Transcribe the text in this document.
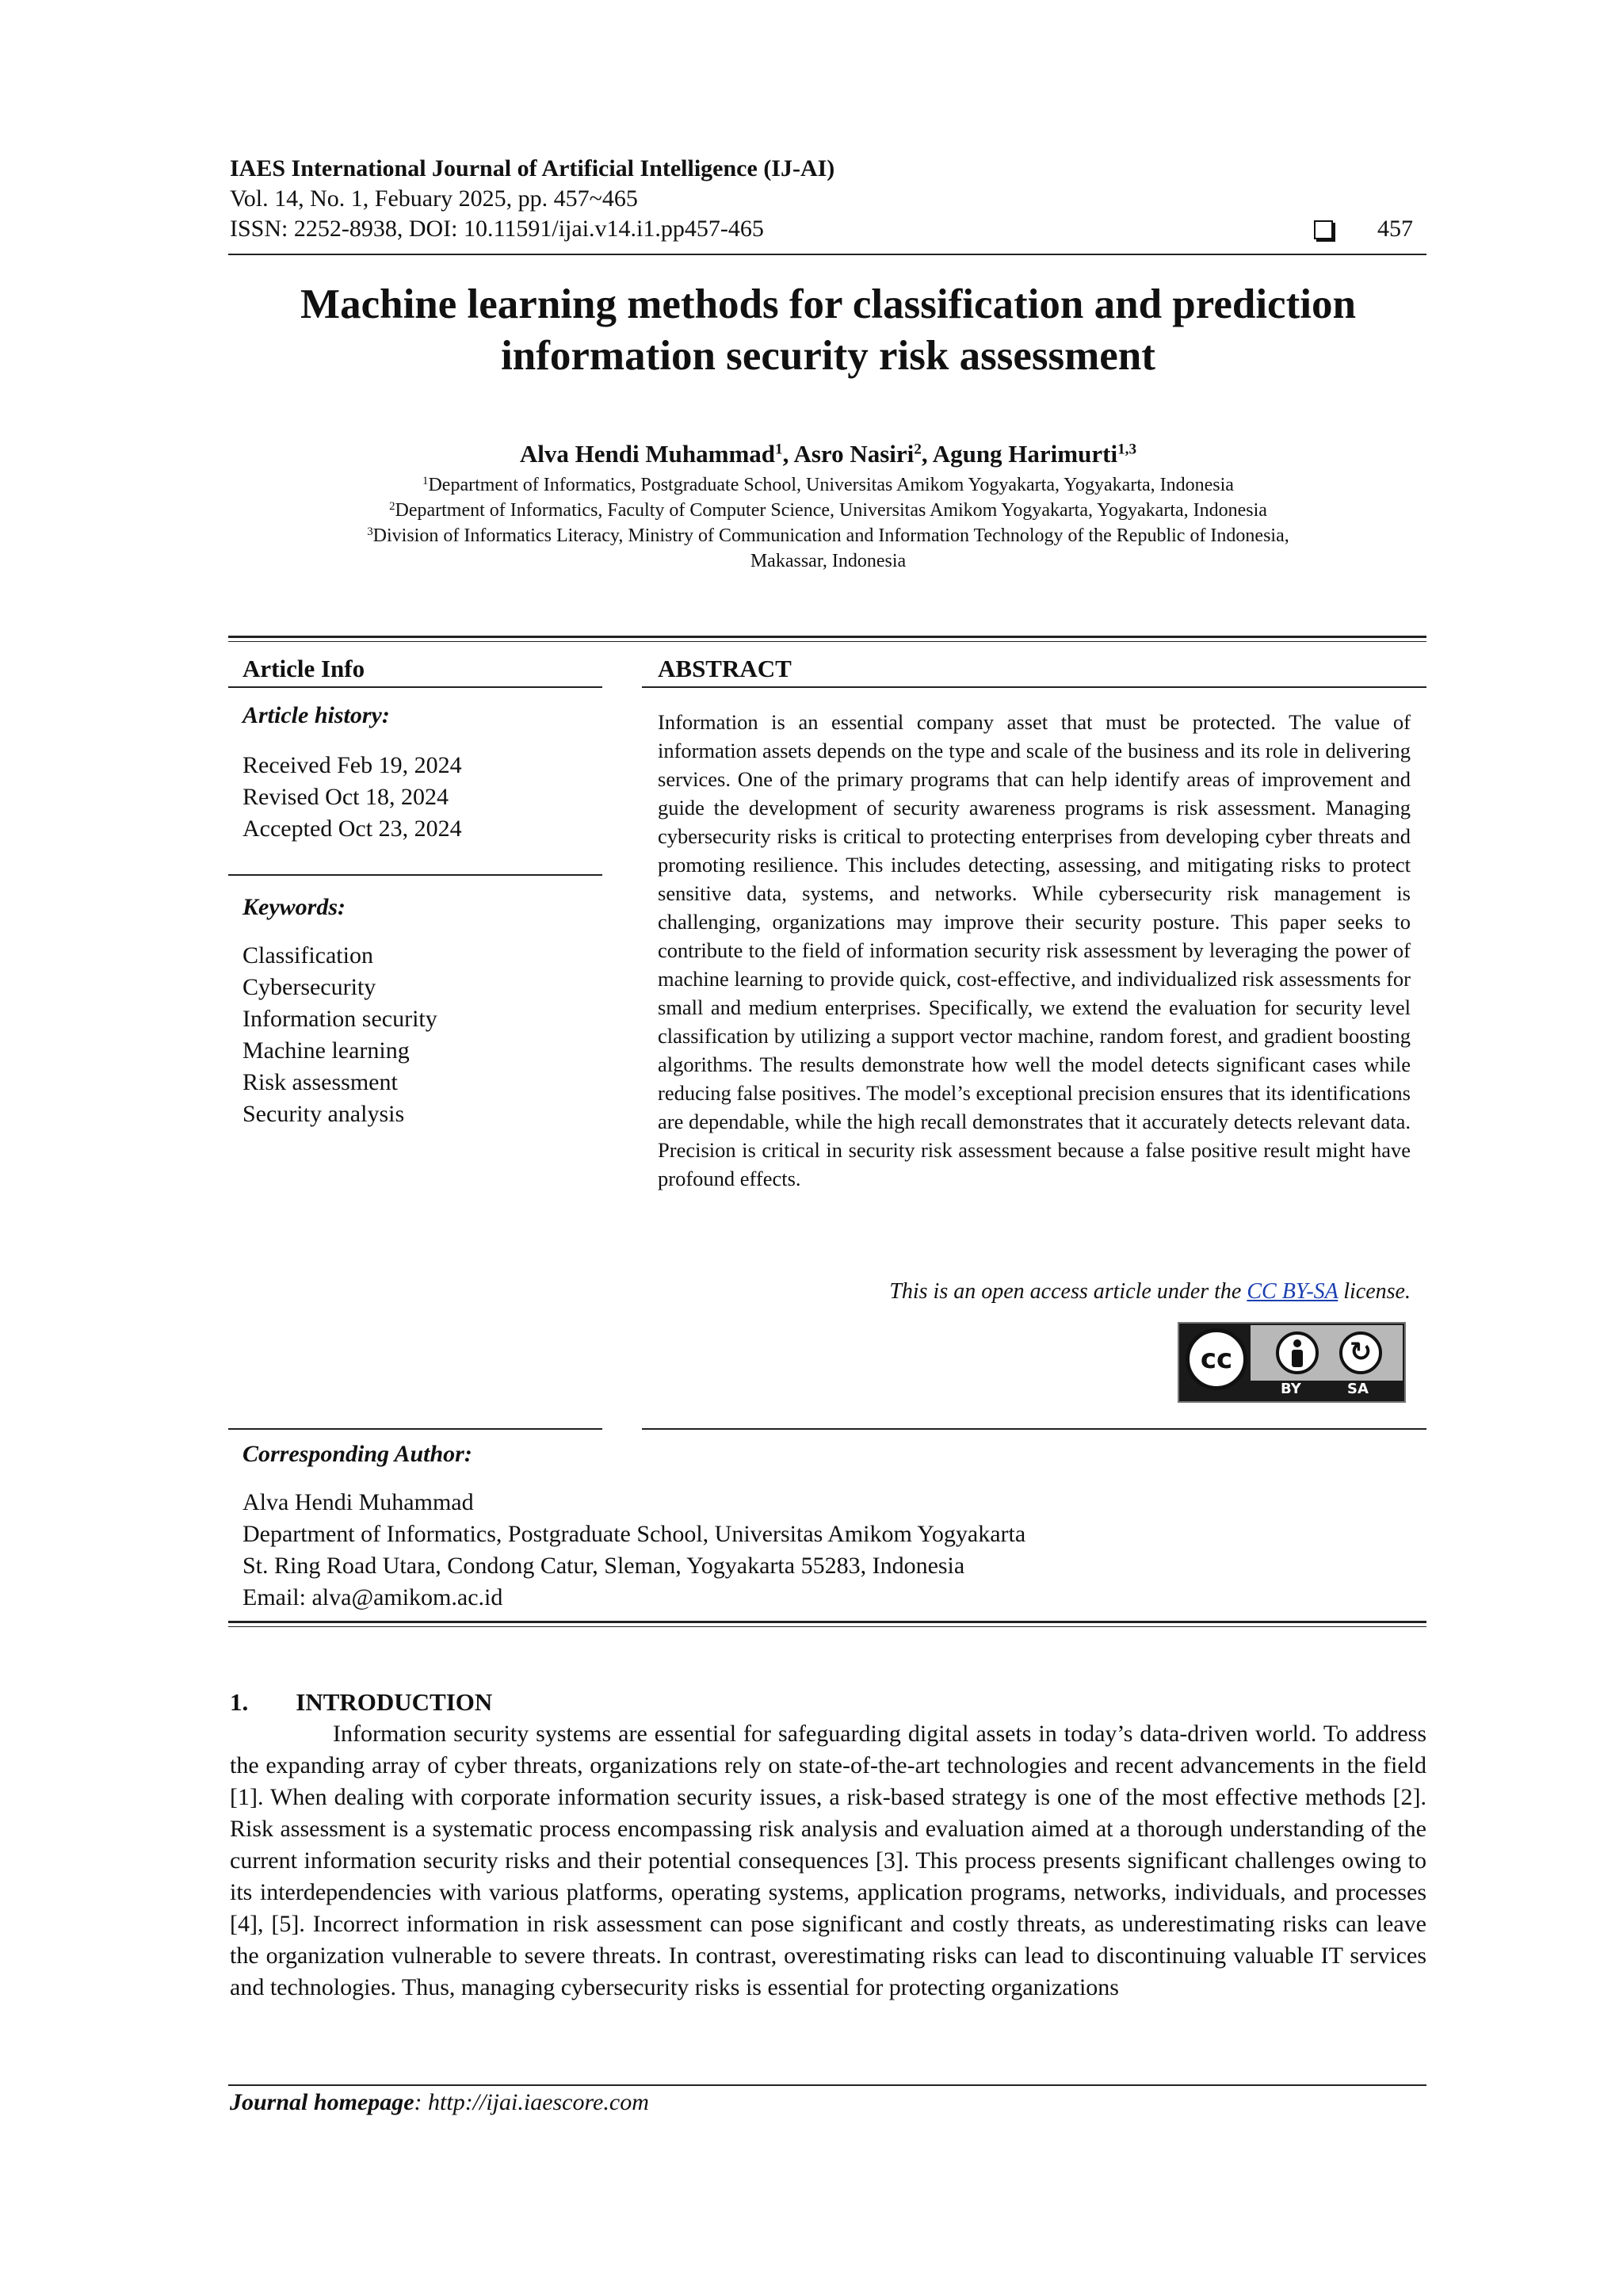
IAES International Journal of Artificial Intelligence (IJ-AI)
Vol. 14, No. 1, Febuary 2025, pp. 457~465
ISSN: 2252-8938, DOI: 10.11591/ijai.v14.i1.pp457-465	457
Machine learning methods for classification and prediction
information security risk assessment
Alva Hendi Muhammad$^1$, Asro Nasiri$^2$, Agung Harimurti$^{1,3}$
$^1$Department of Informatics, Postgraduate School, Universitas Amikom Yogyakarta, Yogyakarta, Indonesia
$^2$Department of Informatics, Faculty of Computer Science, Universitas Amikom Yogyakarta, Yogyakarta, Indonesia
$^3$Division of Informatics Literacy, Ministry of Communication and Information Technology of the Republic of Indonesia,
Makassar, Indonesia
Article Info
Article history:
Received Feb 19, 2024
Revised Oct 18, 2024
Accepted Oct 23, 2024
Keywords:
Classification
Cybersecurity
Information security
Machine learning
Risk assessment
Security analysis
ABSTRACT

Information is an essential company asset that must be protected. The value of information assets depends on the type and scale of the business and its role in delivering services. One of the primary programs that can help identify areas of improvement and guide the development of security awareness programs is risk assessment. Managing cybersecurity risks is critical to protecting enterprises from developing cyber threats and promoting resilience. This includes detecting, assessing, and mitigating risks to protect sensitive data, systems, and networks. While cybersecurity risk management is challenging, organizations may improve their security posture. This paper seeks to contribute to the field of information security risk assessment by leveraging the power of machine learning to provide quick, cost-effective, and individualized risk assessments for small and medium enterprises. Specifically, we extend the evaluation for security level classification by utilizing a support vector machine, random forest, and gradient boosting algorithms. The results demonstrate how well the model detects significant cases while reducing false positives. The model’s exceptional precision ensures that its identifications are dependable, while the high recall demonstrates that it accurately detects relevant data. Precision is critical in security risk assessment because a false positive result might have profound effects.

This is an open access article under the CC BY-SA license.
cc	↻
BY	SA
Corresponding Author:
Alva Hendi Muhammad
Department of Informatics, Postgraduate School, Universitas Amikom Yogyakarta
St. Ring Road Utara, Condong Catur, Sleman, Yogyakarta 55283, Indonesia
Email: alva@amikom.ac.id
1. INTRODUCTION

Information security systems are essential for safeguarding digital assets in today’s data-driven world. To address the expanding array of cyber threats, organizations rely on state-of-the-art technologies and recent advancements in the field [1]. When dealing with corporate information security issues, a risk-based strategy is one of the most effective methods [2]. Risk assessment is a systematic process encompassing risk analysis and evaluation aimed at a thorough understanding of the current information security risks and their potential consequences [3]. This process presents significant challenges owing to its interdependencies with various platforms, operating systems, application programs, networks, individuals, and processes [4], [5]. Incorrect information in risk assessment can pose significant and costly threats, as underestimating risks can leave the organization vulnerable to severe threats. In contrast, overestimating risks can lead to discontinuing valuable IT services and technologies. Thus, managing cybersecurity risks is essential for protecting organizations

Journal homepage: http://ijai.iaescore.com
